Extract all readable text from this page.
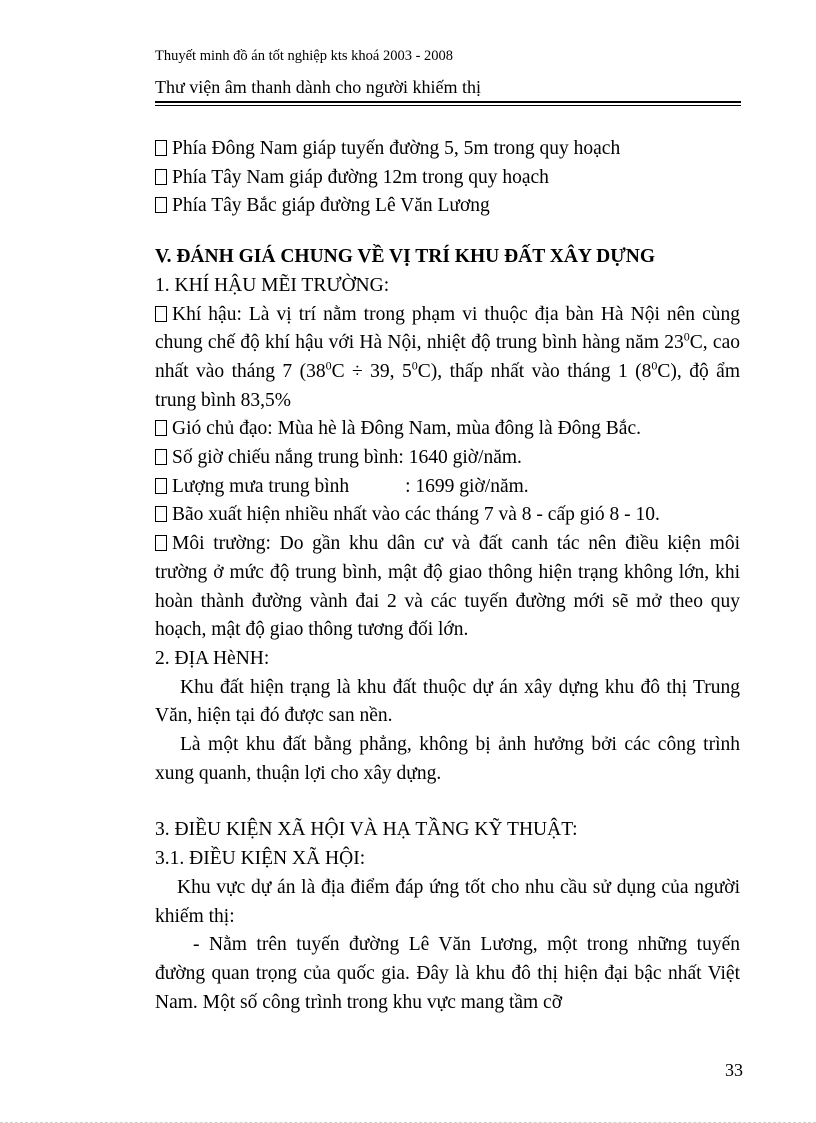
Thuyết minh đồ án tốt nghiệp kts khoá 2003 - 2008
Thư viện âm thanh dành cho người khiếm thị

Phía Đông Nam giáp tuyến đường 5, 5m trong quy hoạch

Phía Tây Nam giáp đường 12m trong quy hoạch

Phía Tây Bắc giáp đường Lê Văn Lương

V. ĐÁNH GIÁ CHUNG VỀ VỊ TRÍ KHU ĐẤT XÂY DỰNG

1. KHÍ HẬU MẼI TRƯỜNG:

Khí hậu: Là vị trí nằm trong phạm vi thuộc địa bàn Hà Nội nên cùng chung chế độ khí hậu với Hà Nội, nhiệt độ trung bình hàng năm $23^0C$, cao nhất vào tháng 7 ($38^0C \div 39$, $5^0C$), thấp nhất vào tháng 1 $(8^0C)$, độ ẩm trung bình 83,5%

Gió chủ đạo: Mùa hè là Đông Nam, mùa đông là Đông Bắc.

Số giờ chiếu nắng trung bình: 1640 giờ/năm.

Lượng mưa trung bình	: 1699 giờ/năm.

Bão xuất hiện nhiều nhất vào các tháng 7 và 8 - cấp gió 8 - 10.

Môi trường: Do gần khu dân cư và đất canh tác nên điều kiện môi trường ở mức độ trung bình, mật độ giao thông hiện trạng không lớn, khi hoàn thành đường vành đai 2 và các tuyến đường mới sẽ mở theo quy hoạch, mật độ giao thông tương đối lớn.

2. ĐỊA HèNH:

Khu đất hiện trạng là khu đất thuộc dự án xây dựng khu đô thị Trung Văn, hiện tại đó được san nền.

Là một khu đất bằng phẳng, không bị ảnh hưởng bởi các công trình xung quanh, thuận lợi cho xây dựng.

3. ĐIỀU KIỆN XÃ HỘI VÀ HẠ TẦNG KỸ THUẬT:

3.1. ĐIỀU KIỆN XÃ HỘI:

Khu vực dự án là địa điểm đáp ứng tốt cho nhu cầu sử dụng của người khiếm thị:

- Nằm trên tuyến đường Lê Văn Lương, một trong những tuyến đường quan trọng của quốc gia. Đây là khu đô thị hiện đại bậc nhất Việt Nam. Một số công trình trong khu vực mang tầm cỡ

33
